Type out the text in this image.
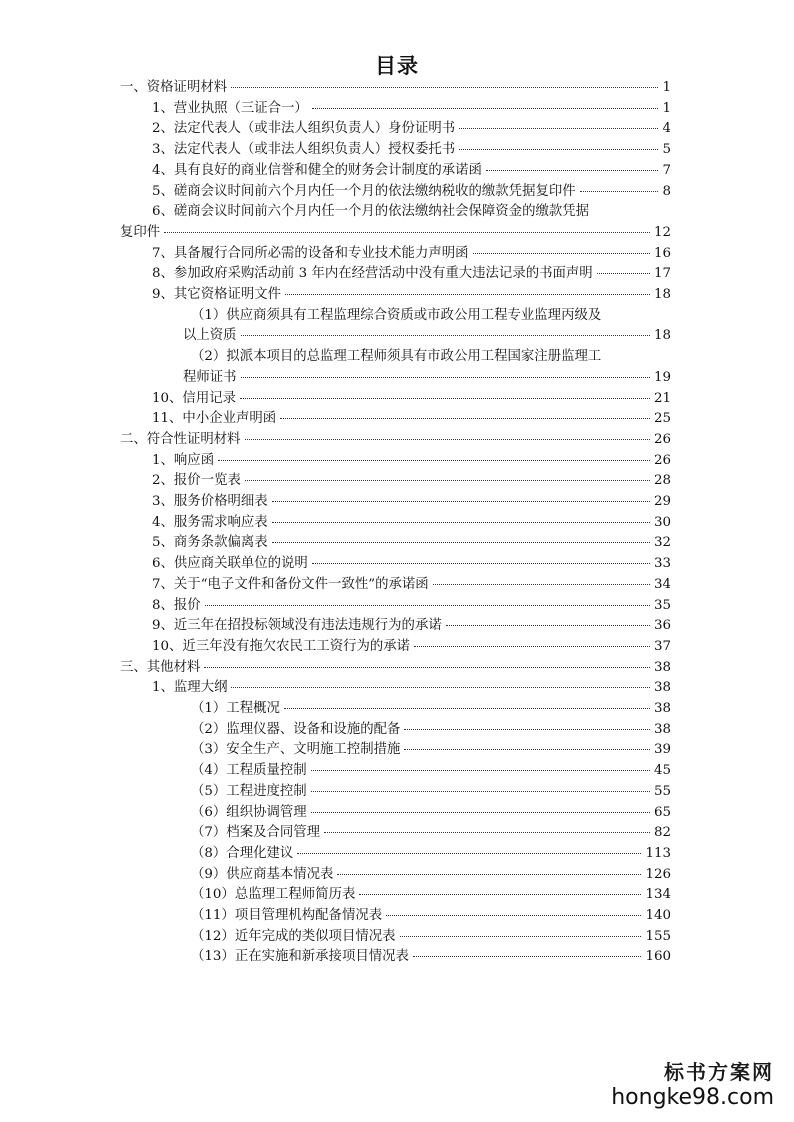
目录
一、资格证明材料	1
1、营业执照（三证合一）	1
2、法定代表人（或非法人组织负责人）身份证明书	4
3、法定代表人（或非法人组织负责人）授权委托书	5
4、具有良好的商业信誉和健全的财务会计制度的承诺函	7
5、磋商会议时间前六个月内任一个月的依法缴纳税收的缴款凭据复印件	8
6、磋商会议时间前六个月内任一个月的依法缴纳社会保障资金的缴款凭据
复印件	12
7、具备履行合同所必需的设备和专业技术能力声明函	16
8、参加政府采购活动前 3 年内在经营活动中没有重大违法记录的书面声明	17
9、其它资格证明文件	18
（1）供应商须具有工程监理综合资质或市政公用工程专业监理丙级及
以上资质	18
（2）拟派本项目的总监理工程师须具有市政公用工程国家注册监理工
程师证书	19
10、信用记录	21
11、中小企业声明函	25
二、符合性证明材料	26
1、响应函	26
2、报价一览表	28
3、服务价格明细表	29
4、服务需求响应表	30
5、商务条款偏离表	32
6、供应商关联单位的说明	33
7、关于“电子文件和备份文件一致性”的承诺函	34
8、报价	35
9、近三年在招投标领域没有违法违规行为的承诺	36
10、近三年没有拖欠农民工工资行为的承诺	37
三、其他材料	38
1、监理大纲	38
（1）工程概况	38
（2）监理仪器、设备和设施的配备	38
（3）安全生产、文明施工控制措施	39
（4）工程质量控制	45
（5）工程进度控制	55
（6）组织协调管理	65
（7）档案及合同管理	82
（8）合理化建议	113
（9）供应商基本情况表	126
（10）总监理工程师简历表	134
（11）项目管理机构配备情况表	140
（12）近年完成的类似项目情况表	155
（13）正在实施和新承接项目情况表	160
标书方案网
hongke98.com
